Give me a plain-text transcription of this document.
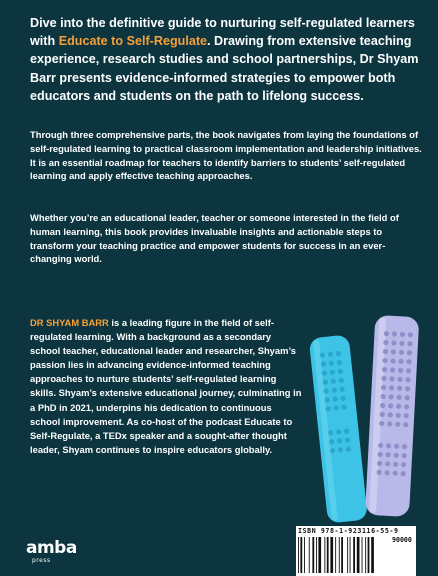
Dive into the definitive guide to nurturing self-regulated learners with Educate to Self-Regulate. Drawing from extensive teaching experience, research studies and school partnerships, Dr Shyam Barr presents evidence-informed strategies to empower both educators and students on the path to lifelong success.

Through three comprehensive parts, the book navigates from laying the foundations of self-regulated learning to practical classroom implementation and leadership initiatives. It is an essential roadmap for teachers to identify barriers to students’ self-regulated learning and apply effective teaching approaches.

Whether you’re an educational leader, teacher or someone interested in the field of human learning, this book provides invaluable insights and actionable steps to transform your teaching practice and empower students for success in an ever-changing world.

DR SHYAM BARR is a leading figure in the field of self-regulated learning. With a background as a secondary school teacher, educational leader and researcher, Shyam’s passion lies in advancing evidence-informed teaching approaches to nurture students’ self-regulated learning skills. Shyam’s extensive educational journey, culminating in a PhD in 2021, underpins his dedication to continuous school improvement. As co-host of the podcast Educate to Self-Regulate, a TEDx speaker and a sought-after thought leader, Shyam continues to inspire educators globally.

amba
press
ISBN 978-1-923116-55-9
90000
